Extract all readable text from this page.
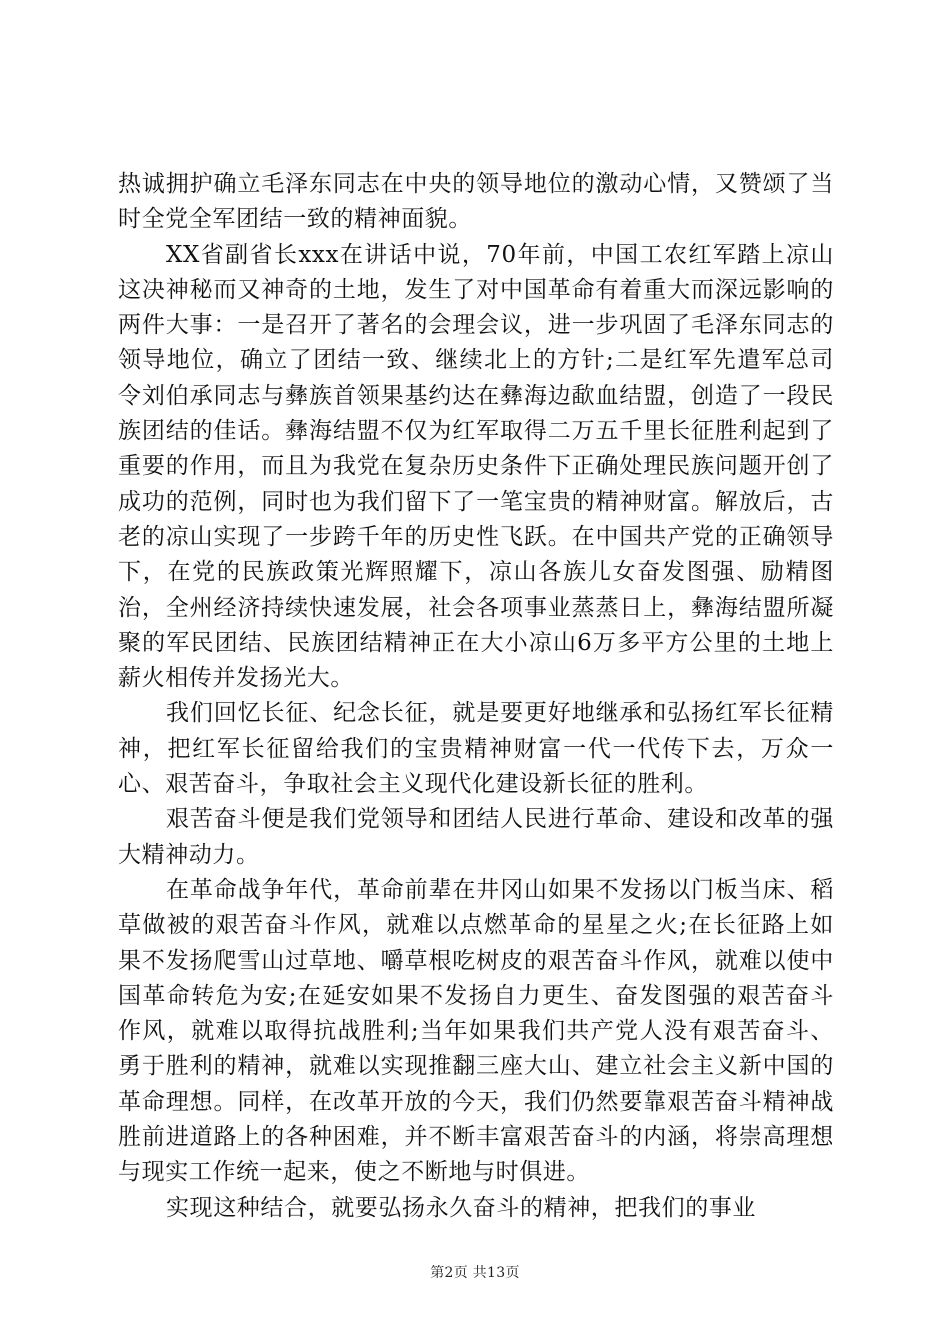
热诚拥护确立毛泽东同志在中央的领导地位的激动心情，又赞颂了当时全党全军团结一致的精神面貌。

XX省副省长xxx在讲话中说，70年前，中国工农红军踏上凉山这决神秘而又神奇的土地，发生了对中国革命有着重大而深远影响的两件大事：一是召开了著名的会理会议，进一步巩固了毛泽东同志的领导地位，确立了团结一致、继续北上的方针;二是红军先遣军总司令刘伯承同志与彝族首领果基约达在彝海边歃血结盟，创造了一段民族团结的佳话。彝海结盟不仅为红军取得二万五千里长征胜利起到了重要的作用，而且为我党在复杂历史条件下正确处理民族问题开创了成功的范例，同时也为我们留下了一笔宝贵的精神财富。解放后，古老的凉山实现了一步跨千年的历史性飞跃。在中国共产党的正确领导下，在党的民族政策光辉照耀下，凉山各族儿女奋发图强、励精图治，全州经济持续快速发展，社会各项事业蒸蒸日上，彝海结盟所凝聚的军民团结、民族团结精神正在大小凉山6万多平方公里的土地上薪火相传并发扬光大。

我们回忆长征、纪念长征，就是要更好地继承和弘扬红军长征精神，把红军长征留给我们的宝贵精神财富一代一代传下去，万众一心、艰苦奋斗，争取社会主义现代化建设新长征的胜利。

艰苦奋斗便是我们党领导和团结人民进行革命、建设和改革的强大精神动力。

在革命战争年代，革命前辈在井冈山如果不发扬以门板当床、稻草做被的艰苦奋斗作风，就难以点燃革命的星星之火;在长征路上如果不发扬爬雪山过草地、嚼草根吃树皮的艰苦奋斗作风，就难以使中国革命转危为安;在延安如果不发扬自力更生、奋发图强的艰苦奋斗作风，就难以取得抗战胜利;当年如果我们共产党人没有艰苦奋斗、勇于胜利的精神，就难以实现推翻三座大山、建立社会主义新中国的革命理想。同样，在改革开放的今天，我们仍然要靠艰苦奋斗精神战胜前进道路上的各种困难，并不断丰富艰苦奋斗的内涵，将崇高理想与现实工作统一起来，使之不断地与时俱进。

实现这种结合，就要弘扬永久奋斗的精神，把我们的事业

第2页 共13页
